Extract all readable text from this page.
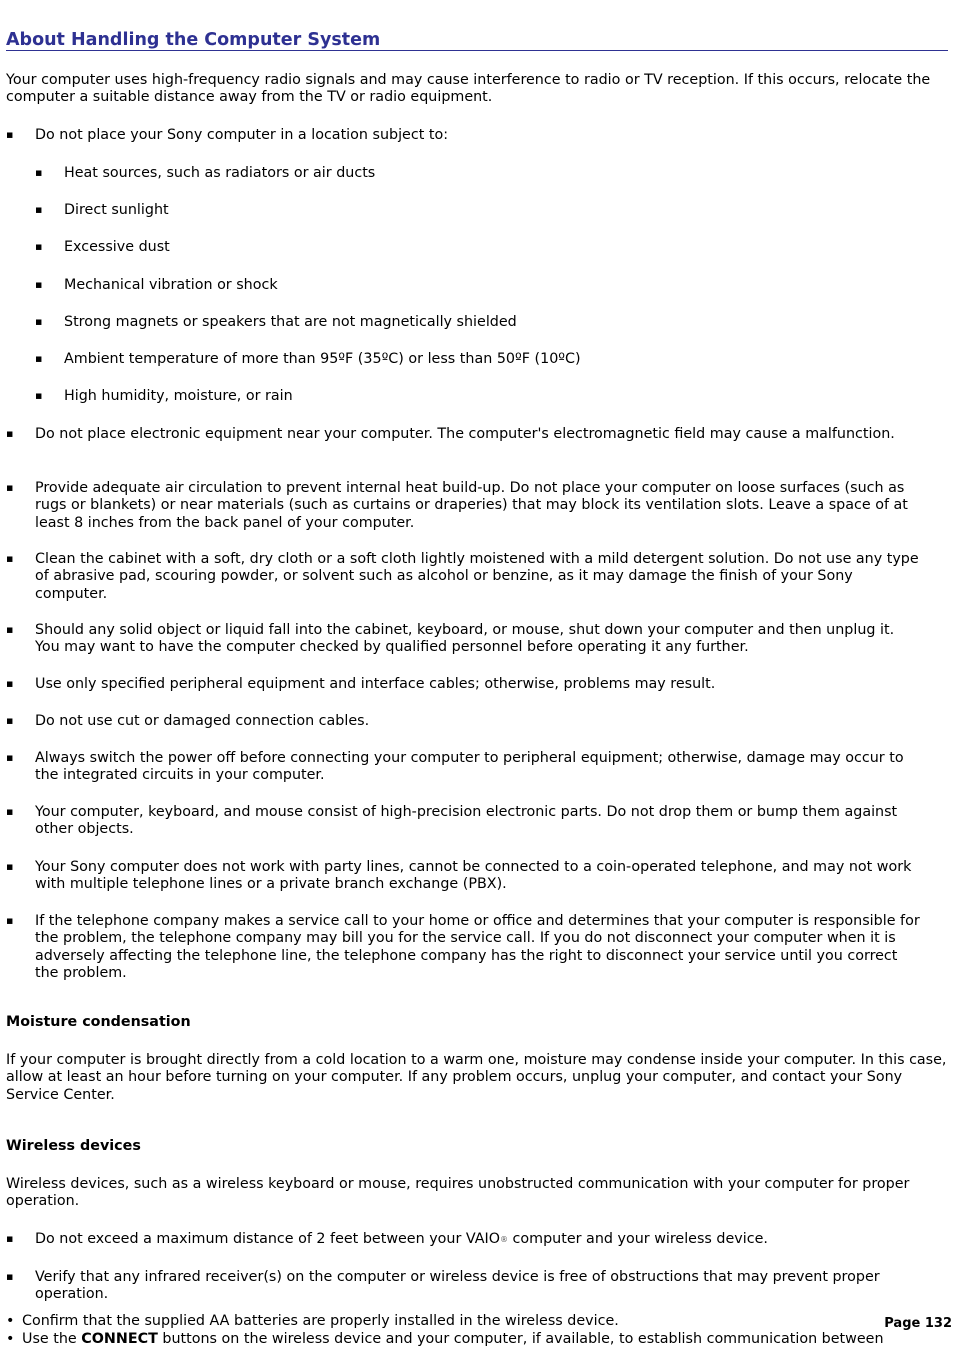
About Handling the Computer System

Your computer uses high-frequency radio signals and may cause interference to radio or TV reception. If this occurs, relocate the computer a suitable distance away from the TV or radio equipment.

▪	Do not place your Sony computer in a location subject to:
▪	Heat sources, such as radiators or air ducts
▪	Direct sunlight
▪	Excessive dust
▪	Mechanical vibration or shock
▪	Strong magnets or speakers that are not magnetically shielded
▪	Ambient temperature of more than 95ºF (35ºC) or less than 50ºF (10ºC)
▪	High humidity, moisture, or rain
▪	Do not place electronic equipment near your computer. The computer's electromagnetic field may cause a malfunction.
▪	Provide adequate air circulation to prevent internal heat build-up. Do not place your computer on loose surfaces (such as rugs or blankets) or near materials (such as curtains or draperies) that may block its ventilation slots. Leave a space of at least 8 inches from the back panel of your computer.
▪	Clean the cabinet with a soft, dry cloth or a soft cloth lightly moistened with a mild detergent solution. Do not use any type of abrasive pad, scouring powder, or solvent such as alcohol or benzine, as it may damage the finish of your Sony computer.
▪	Should any solid object or liquid fall into the cabinet, keyboard, or mouse, shut down your computer and then unplug it. You may want to have the computer checked by qualified personnel before operating it any further.
▪	Use only specified peripheral equipment and interface cables; otherwise, problems may result.
▪	Do not use cut or damaged connection cables.
▪	Always switch the power off before connecting your computer to peripheral equipment; otherwise, damage may occur to the integrated circuits in your computer.
▪	Your computer, keyboard, and mouse consist of high-precision electronic parts. Do not drop them or bump them against other objects.
▪	Your Sony computer does not work with party lines, cannot be connected to a coin-operated telephone, and may not work with multiple telephone lines or a private branch exchange (PBX).
▪	If the telephone company makes a service call to your home or office and determines that your computer is responsible for the problem, the telephone company may bill you for the service call. If you do not disconnect your computer when it is adversely affecting the telephone line, the telephone company has the right to disconnect your service until you correct the problem.
Moisture condensation

If your computer is brought directly from a cold location to a warm one, moisture may condense inside your computer. In this case, allow at least an hour before turning on your computer. If any problem occurs, unplug your computer, and contact your Sony Service Center.

Wireless devices

Wireless devices, such as a wireless keyboard or mouse, requires unobstructed communication with your computer for proper operation.

▪	Do not exceed a maximum distance of 2 feet between your VAIO® computer and your wireless device.
▪	Verify that any infrared receiver(s) on the computer or wireless device is free of obstructions that may prevent proper operation.
• Confirm that the supplied AA batteries are properly installed in the wireless device.
• Use the CONNECT buttons on the wireless device and your computer, if available, to establish communication between
Page 132
